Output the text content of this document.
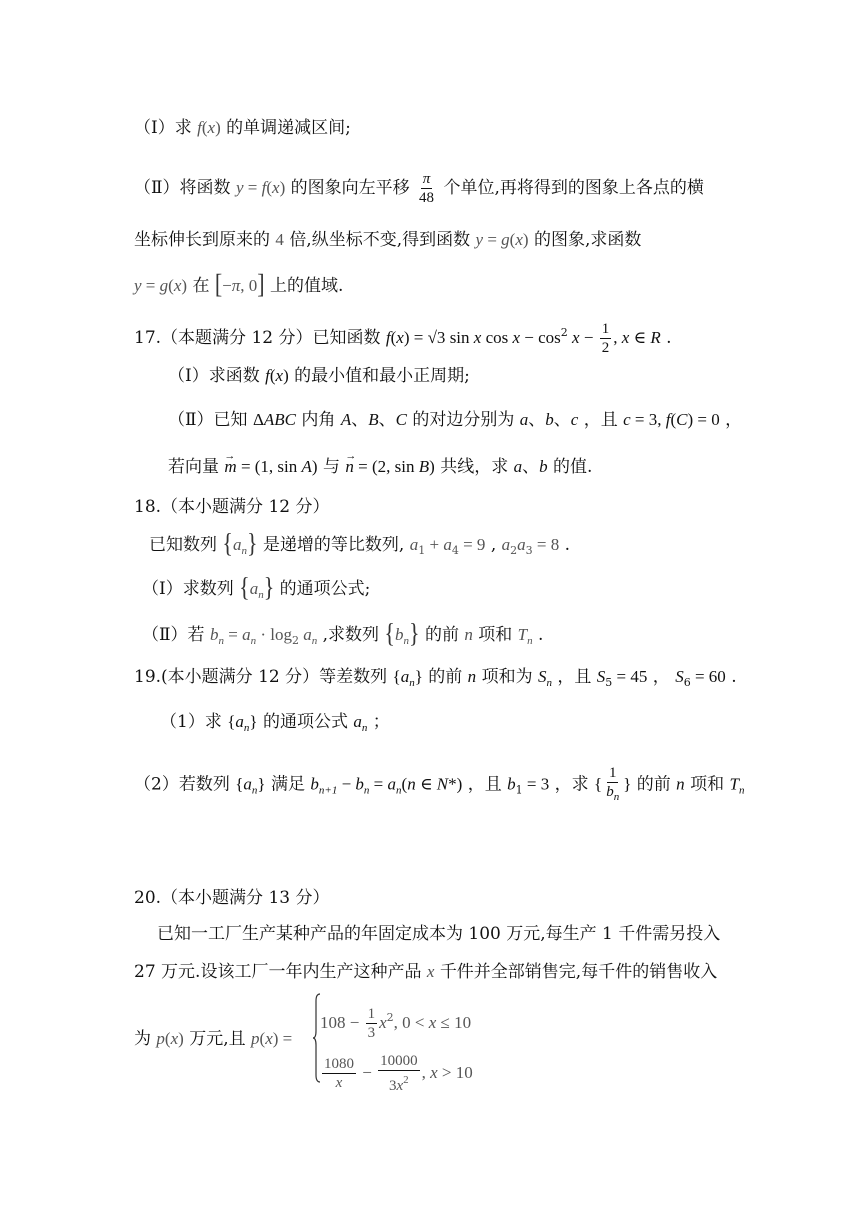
（Ⅰ）求 f(x) 的单调递减区间;
（Ⅱ）将函数 y = f(x) 的图象向左平移 $\frac{\pi}{48}$ 个单位,再将得到的图象上各点的横
坐标伸长到原来的 4 倍,纵坐标不变,得到函数 y = g(x) 的图象,求函数
y = g(x) 在 [−π, 0] 上的值域.
17.（本题满分 12 分）已知函数 f(x) = √3 sin x $\cos x - \cos^2 x - \frac{1}{2}$ , x ∈ R .
（Ⅰ）求函数 f(x) 的最小值和最小正周期;
（Ⅱ）已知 ΔABC 内角 A、B、C 的对边分别为 a、b、c ，且 c = 3, f(C) = 0 ，
若向量 → m = (1, sin A) 与 → n = (2, sin B) 共线，求 a、b 的值.
18.（本小题满分 12 分）
已知数列 $\{a_n\}$ 是递增的等比数列, $a_1 + a_4 = 9$ , $a_2a_3 = 8$ .
（Ⅰ）求数列 $\{a_n\}$ 的通项公式;
（Ⅱ）若 $b_n = a_n \cdot \log_2 a_n$ ,求数列 $\{b_n\}$ 的前 n 项和 $T_n$ .
19.(本小题满分 12 分）等差数列 $\{a_n\}$ 的前 n 项和为 $S_n$ ，且 $S_5 = 45$ ， $S_6 = 60$ .
（1）求 $\{a_n\}$ 的通项公式 $a_n$ ；
（2）若数列 $\{a_n\}$ 满足 $b_{n+1} - b_n = a_n(n$ ∈ N*) ，且 $b_1 = 3$ ，求 { $\frac{1}{b_n}$ } 的前 n 项和 $T_n$
20.（本小题满分 13 分）
已知一工厂生产某种产品的年固定成本为 100 万元,每生产 1 千件需另投入
27 万元.设该工厂一年内生产这种产品 x 千件并全部销售完,每千件的销售收入
为 p(x) 万元,且 p(x) =
$108 - \frac{1}{3} x^2$, 0 < x ≤ 10
$\frac{1080}{x} - \frac{10000}{3x^2}$ , x > 10
